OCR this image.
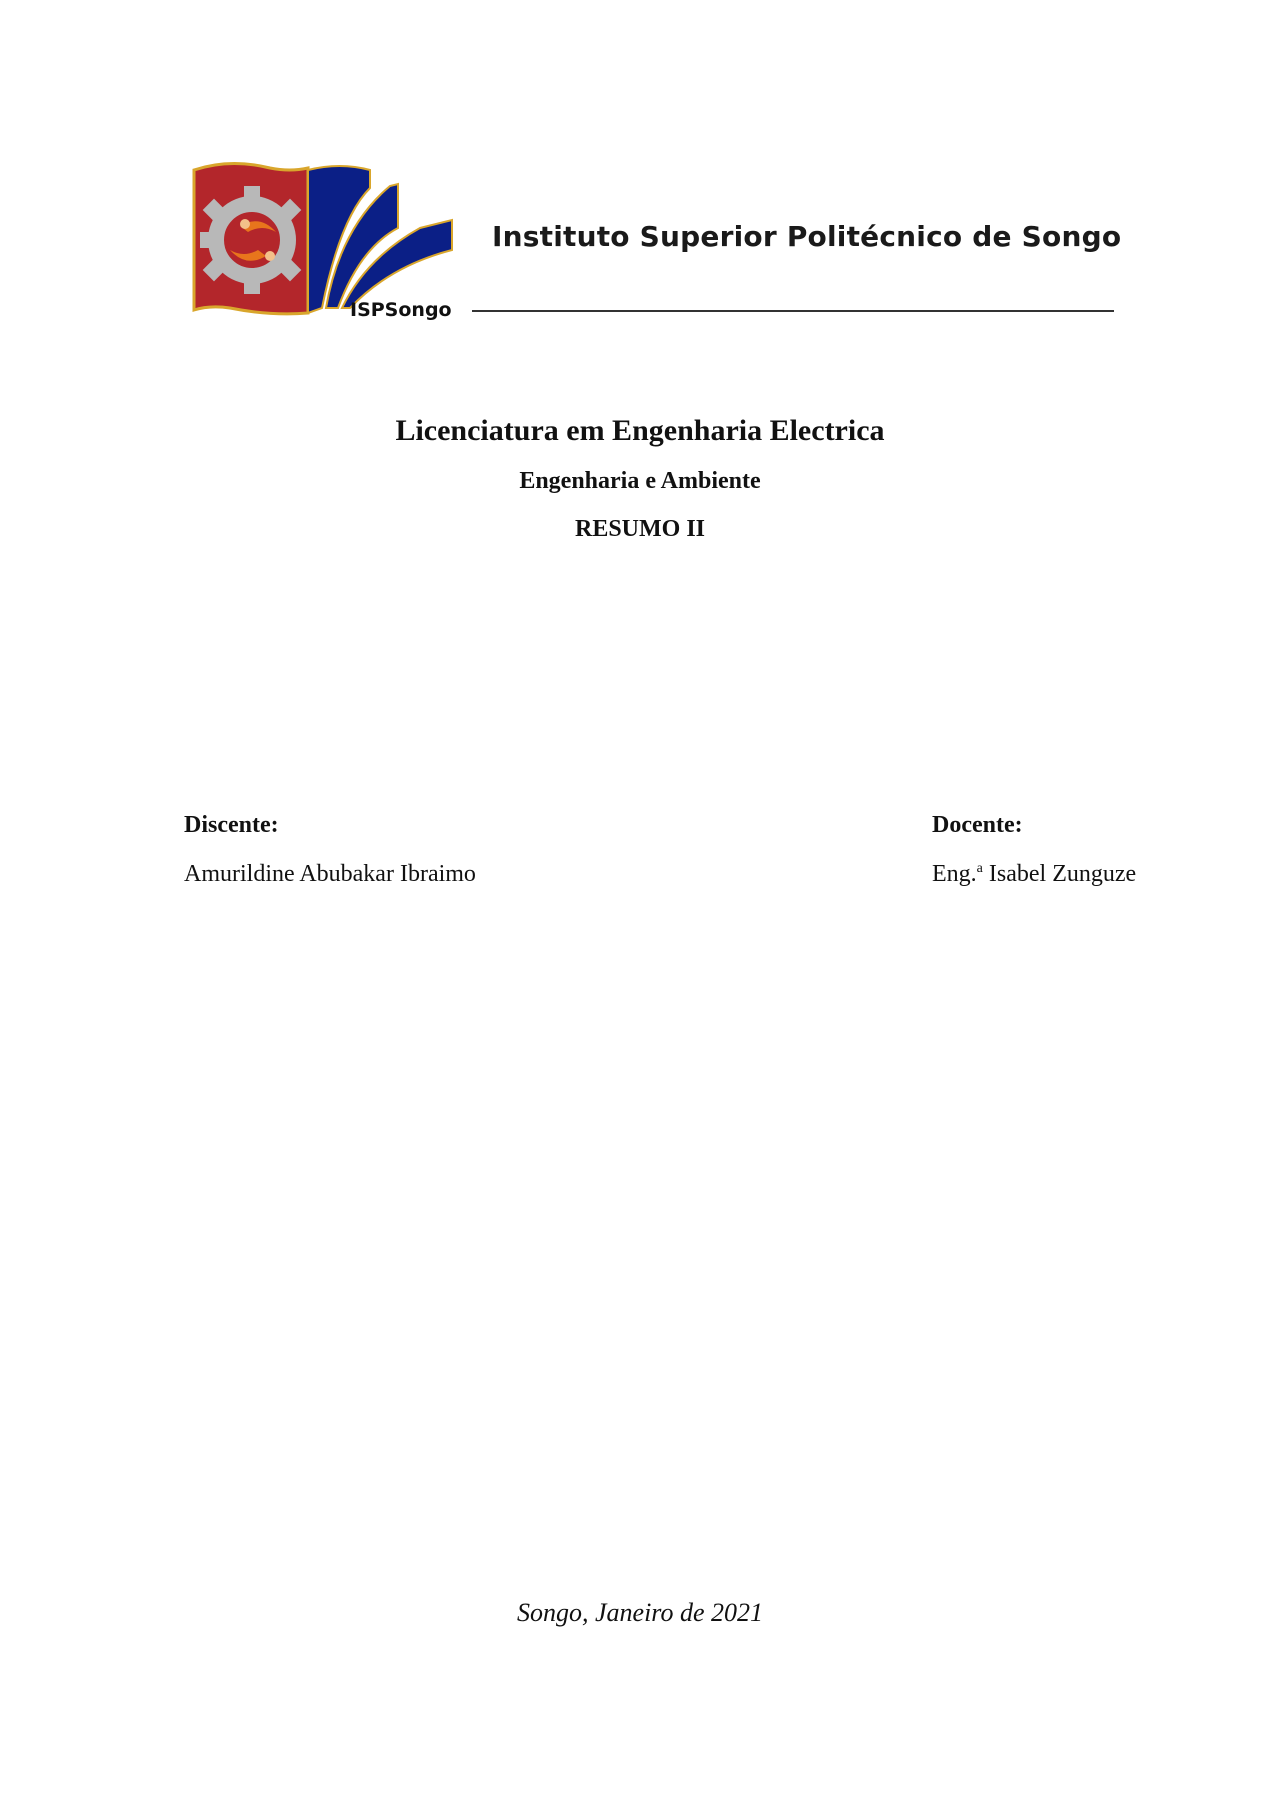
ISPSongo
Instituto Superior Politécnico de Songo
Licenciatura em Engenharia Electrica
Engenharia e Ambiente
RESUMO II
Discente:
Amurildine Abubakar Ibraimo
Docente:
Eng.$^a$ Isabel Zunguze
Songo, Janeiro de 2021
